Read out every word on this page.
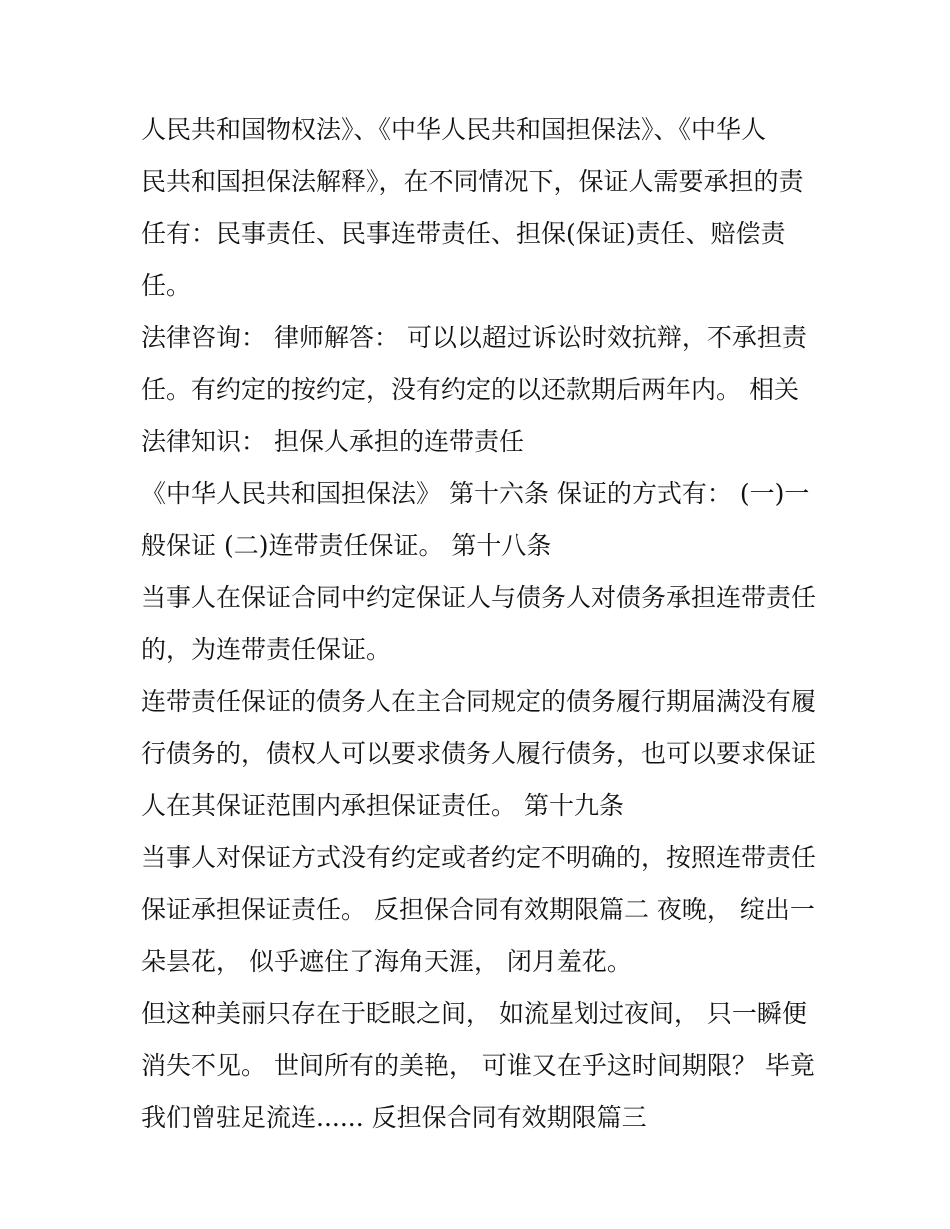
人民共和国物权法》、《中华人民共和国担保法》、《中华人
民共和国担保法解释》，在不同情况下，保证人需要承担的责
任有：民事责任、民事连带责任、担保(保证)责任、赔偿责
任。

法律咨询： 律师解答： 可以以超过诉讼时效抗辩，不承担责
任。有约定的按约定，没有约定的以还款期后两年内。 相关
法律知识： 担保人承担的连带责任

《中华人民共和国担保法》 第十六条 保证的方式有： (一)一
般保证 (二)连带责任保证。 第十八条

当事人在保证合同中约定保证人与债务人对债务承担连带责任
的，为连带责任保证。

连带责任保证的债务人在主合同规定的债务履行期届满没有履
行债务的，债权人可以要求债务人履行债务，也可以要求保证
人在其保证范围内承担保证责任。 第十九条

当事人对保证方式没有约定或者约定不明确的，按照连带责任
保证承担保证责任。 反担保合同有效期限篇二 夜晚， 绽出一
朵昙花， 似乎遮住了海角天涯， 闭月羞花。

但这种美丽只存在于眨眼之间， 如流星划过夜间， 只一瞬便
消失不见。 世间所有的美艳， 可谁又在乎这时间期限？ 毕竟
我们曾驻足流连...... 反担保合同有效期限篇三
